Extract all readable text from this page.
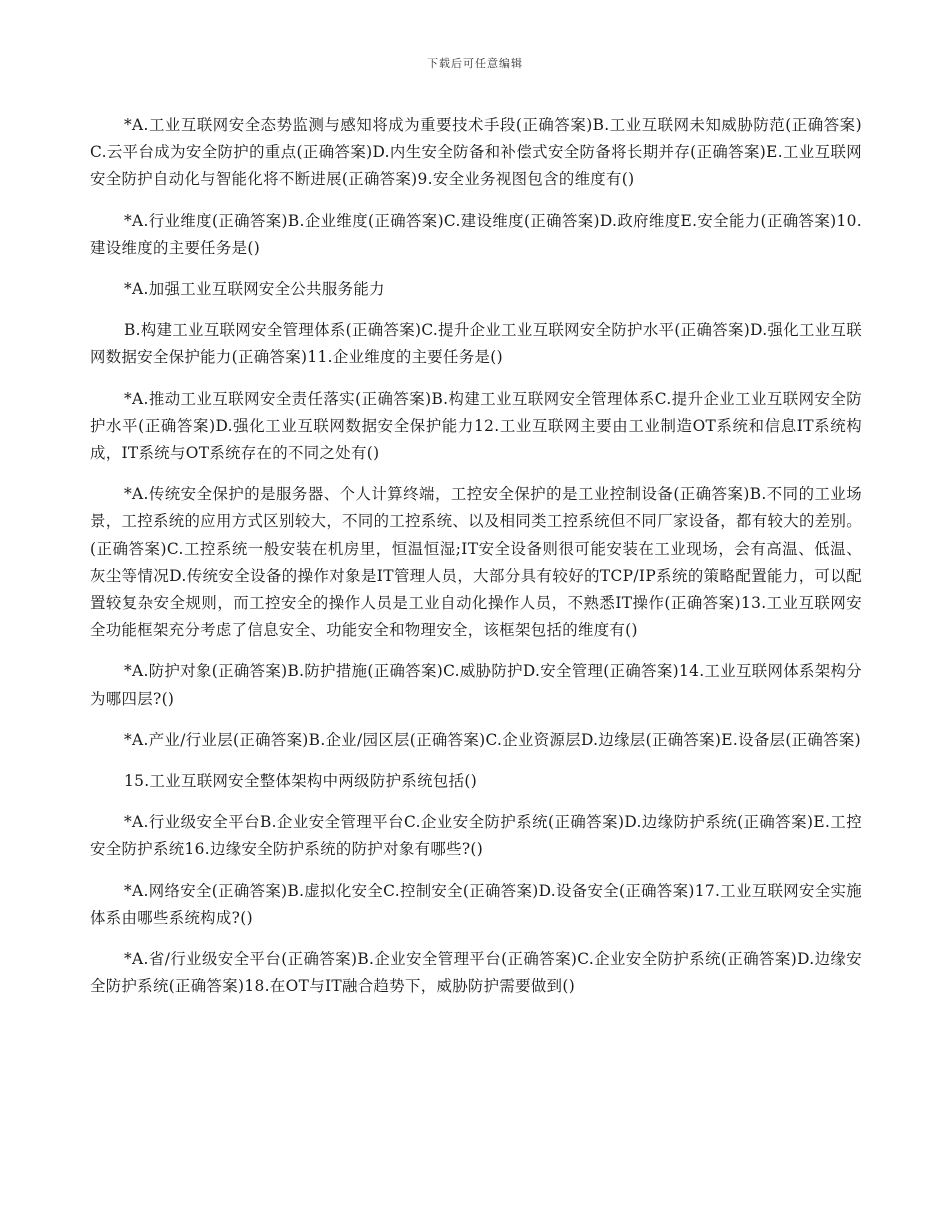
下载后可任意编辑

*A.工业互联网安全态势监测与感知将成为重要技术手段(正确答案)B.工业互联网未知威胁防范(正确答案)C.云平台成为安全防护的重点(正确答案)D.内生安全防备和补偿式安全防备将长期并存(正确答案)E.工业互联网安全防护自动化与智能化将不断进展(正确答案)9.安全业务视图包含的维度有()

*A.行业维度(正确答案)B.企业维度(正确答案)C.建设维度(正确答案)D.政府维度E.安全能力(正确答案)10.建设维度的主要任务是()

*A.加强工业互联网安全公共服务能力

B.构建工业互联网安全管理体系(正确答案)C.提升企业工业互联网安全防护水平(正确答案)D.强化工业互联网数据安全保护能力(正确答案)11.企业维度的主要任务是()

*A.推动工业互联网安全责任落实(正确答案)B.构建工业互联网安全管理体系C.提升企业工业互联网安全防护水平(正确答案)D.强化工业互联网数据安全保护能力12.工业互联网主要由工业制造OT系统和信息IT系统构成，IT系统与OT系统存在的不同之处有()

*A.传统安全保护的是服务器、个人计算终端，工控安全保护的是工业控制设备(正确答案)B.不同的工业场景，工控系统的应用方式区别较大，不同的工控系统、以及相同类工控系统但不同厂家设备，都有较大的差别。(正确答案)C.工控系统一般安装在机房里，恒温恒湿;IT安全设备则很可能安装在工业现场，会有高温、低温、灰尘等情况D.传统安全设备的操作对象是IT管理人员，大部分具有较好的TCP/IP系统的策略配置能力，可以配置较复杂安全规则，而工控安全的操作人员是工业自动化操作人员，不熟悉IT操作(正确答案)13.工业互联网安全功能框架充分考虑了信息安全、功能安全和物理安全，该框架包括的维度有()

*A.防护对象(正确答案)B.防护措施(正确答案)C.威胁防护D.安全管理(正确答案)14.工业互联网体系架构分为哪四层?()

*A.产业/行业层(正确答案)B.企业/园区层(正确答案)C.企业资源层D.边缘层(正确答案)E.设备层(正确答案)

15.工业互联网安全整体架构中两级防护系统包括()

*A.行业级安全平台B.企业安全管理平台C.企业安全防护系统(正确答案)D.边缘防护系统(正确答案)E.工控安全防护系统16.边缘安全防护系统的防护对象有哪些?()

*A.网络安全(正确答案)B.虚拟化安全C.控制安全(正确答案)D.设备安全(正确答案)17.工业互联网安全实施体系由哪些系统构成?()

*A.省/行业级安全平台(正确答案)B.企业安全管理平台(正确答案)C.企业安全防护系统(正确答案)D.边缘安全防护系统(正确答案)18.在OT与IT融合趋势下，威胁防护需要做到()
